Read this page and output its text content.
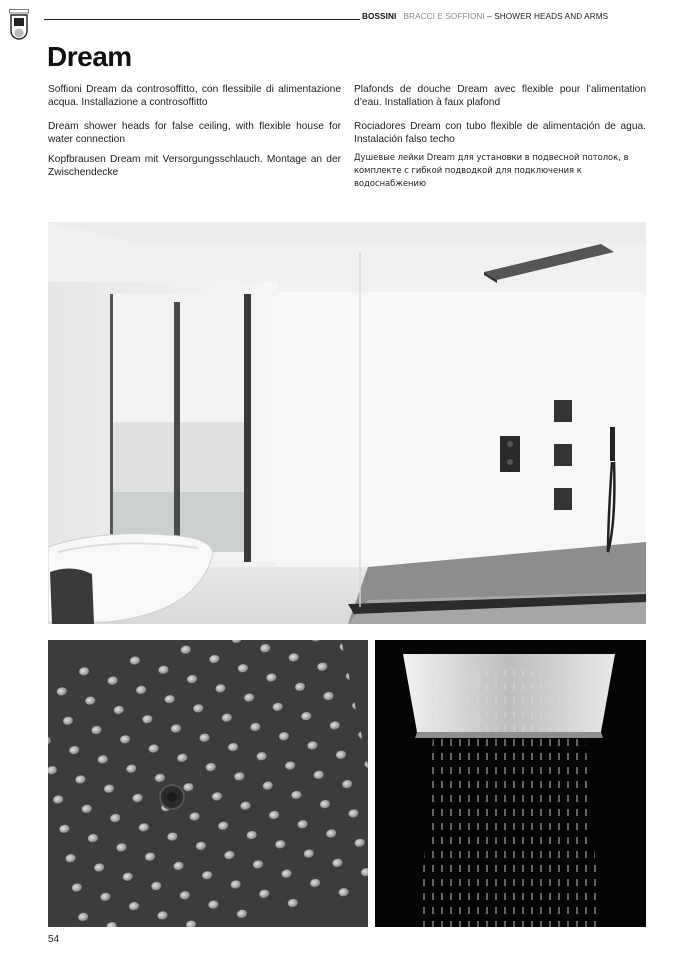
BOSSINI BRACCI E SOFFIONI – SHOWER HEADS AND ARMS
Dream

Soffioni Dream da controsoffitto, con flessibile di alimentazione acqua. Installazione a controsoffitto

Dream shower heads for false ceiling, with flexible house for water connection

Kopfbrausen Dream mit Versorgungsschlauch. Montage an der Zwischendecke

Plafonds de douche Dream avec flexible pour l’alimentation d’eau. Installation à faux plafond

Rociadores Dream con tubo flexible de alimentación de agua. Instalación falso techo

Душевые лейки Dream для установки в подвесной потолок, в комплекте с гибкой подводкой для подключения к водоснабжению

54
